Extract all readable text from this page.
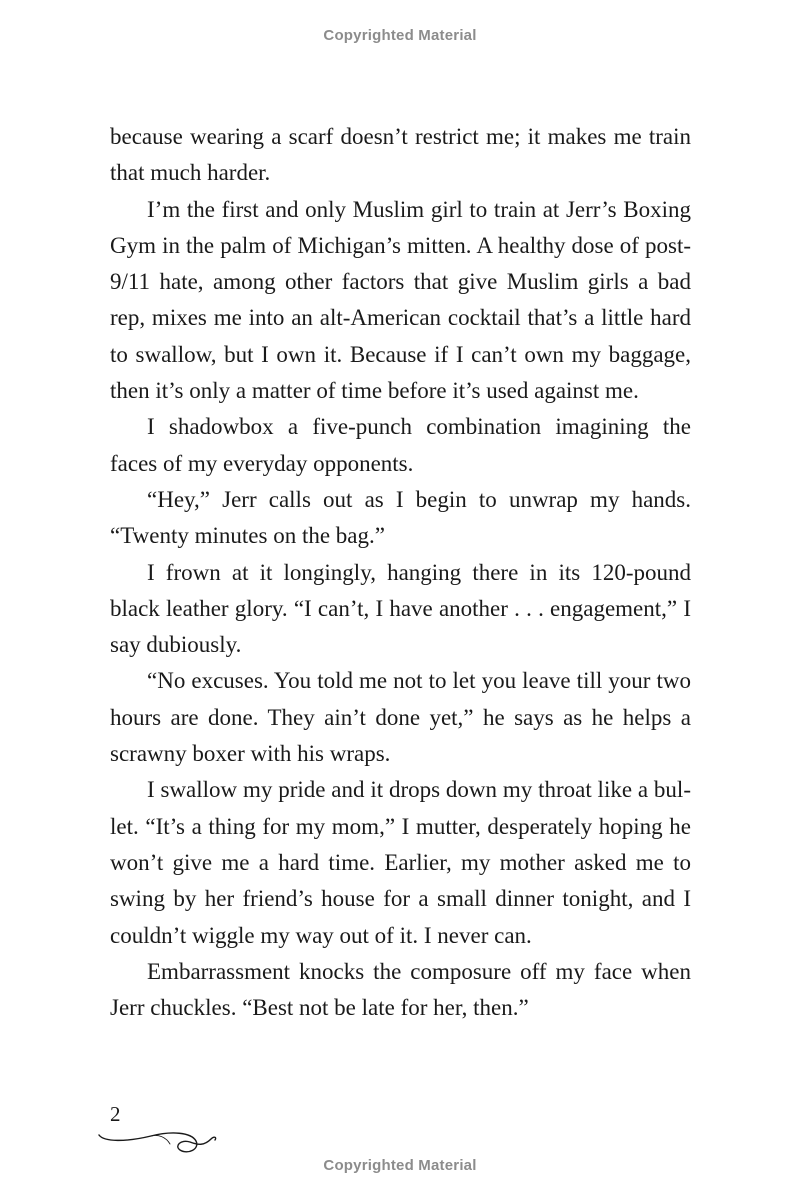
Copyrighted Material

because wearing a scarf doesn’t restrict me; it makes me train that much harder.

I’m the first and only Muslim girl to train at Jerr’s Boxing Gym in the palm of Michigan’s mitten. A healthy dose of post-9/11 hate, among other factors that give Muslim girls a bad rep, mixes me into an alt-American cocktail that’s a little hard to swallow, but I own it. Because if I can’t own my baggage, then it’s only a matter of time before it’s used against me.

I shadowbox a five-punch combination imagining the faces of my everyday opponents.

“Hey,” Jerr calls out as I begin to unwrap my hands. “Twenty minutes on the bag.”

I frown at it longingly, hanging there in its 120-pound black leather glory. “I can’t, I have another . . . engagement,” I say dubiously.

“No excuses. You told me not to let you leave till your two hours are done. They ain’t done yet,” he says as he helps a scrawny boxer with his wraps.

I swallow my pride and it drops down my throat like a bullet. “It’s a thing for my mom,” I mutter, desperately hoping he won’t give me a hard time. Earlier, my mother asked me to swing by her friend’s house for a small dinner tonight, and I couldn’t wiggle my way out of it. I never can.

Embarrassment knocks the composure off my face when Jerr chuckles. “Best not be late for her, then.”

2
Copyrighted Material
